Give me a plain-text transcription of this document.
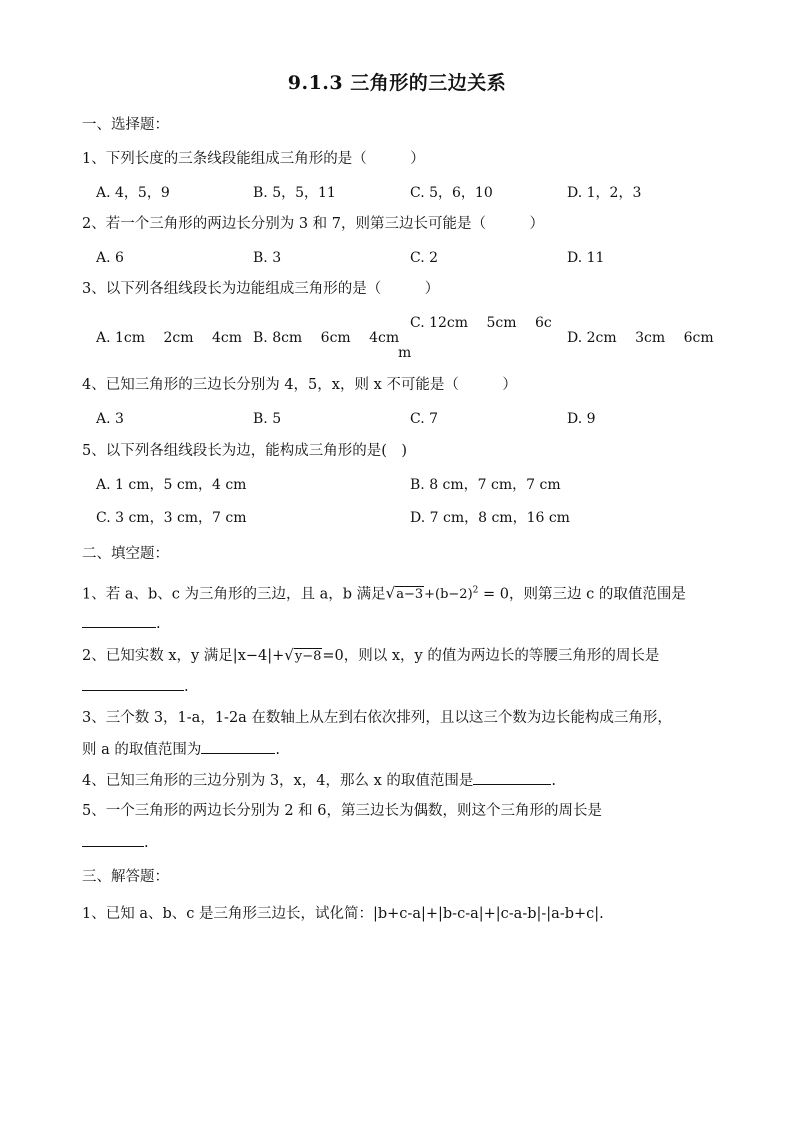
9.1.3 三角形的三边关系
一、选择题：
1、下列长度的三条线段能组成三角形的是（　　　）
A. 4，5，9	B. 5，5，11	C. 5，6，10	D. 1，2，3
2、若一个三角形的两边长分别为 3 和 7，则第三边长可能是（　　　）
A. 6	B. 3	C. 2	D. 11
3、以下列各组线段长为边能组成三角形的是（　　　）
A. 1cm　 2cm　 4cm B. 8cm　 6cm　 4cm
C. 12cm　 5cm　 6c
m
D. 2cm　 3cm　 6cm
4、已知三角形的三边长分别为 4，5，x，则 x 不可能是（　　　）
A. 3	B. 5	C. 7	D. 9
5、以下列各组线段长为边，能构成三角形的是(　)
A. 1 cm，5 cm，4 cm	B. 8 cm，7 cm，7 cm
C. 3 cm，3 cm，7 cm	D. 7 cm，8 cm，16 cm
二、填空题：
1、若 a、b、c 为三角形的三边，且 a，b 满足$√a-3+(b-2)^2 = 0$，则第三边 c 的取值范围是
.
2、已知实数 x，y 满足|x−4|+√y−8=0，则以 x，y 的值为两边长的等腰三角形的周长是
.
3、三个数 3，1-a，1-2a 在数轴上从左到右依次排列，且以这三个数为边长能构成三角形，
则 a 的取值范围为	.
4、已知三角形的三边分别为 3，x，4，那么 x 的取值范围是	.
5、一个三角形的两边长分别为 2 和 6，第三边长为偶数，则这个三角形的周长是
.
三、解答题：
1、已知 a、b、c 是三角形三边长，试化简：|b+c-a|+|b-c-a|+|c-a-b|-|a-b+c|.
